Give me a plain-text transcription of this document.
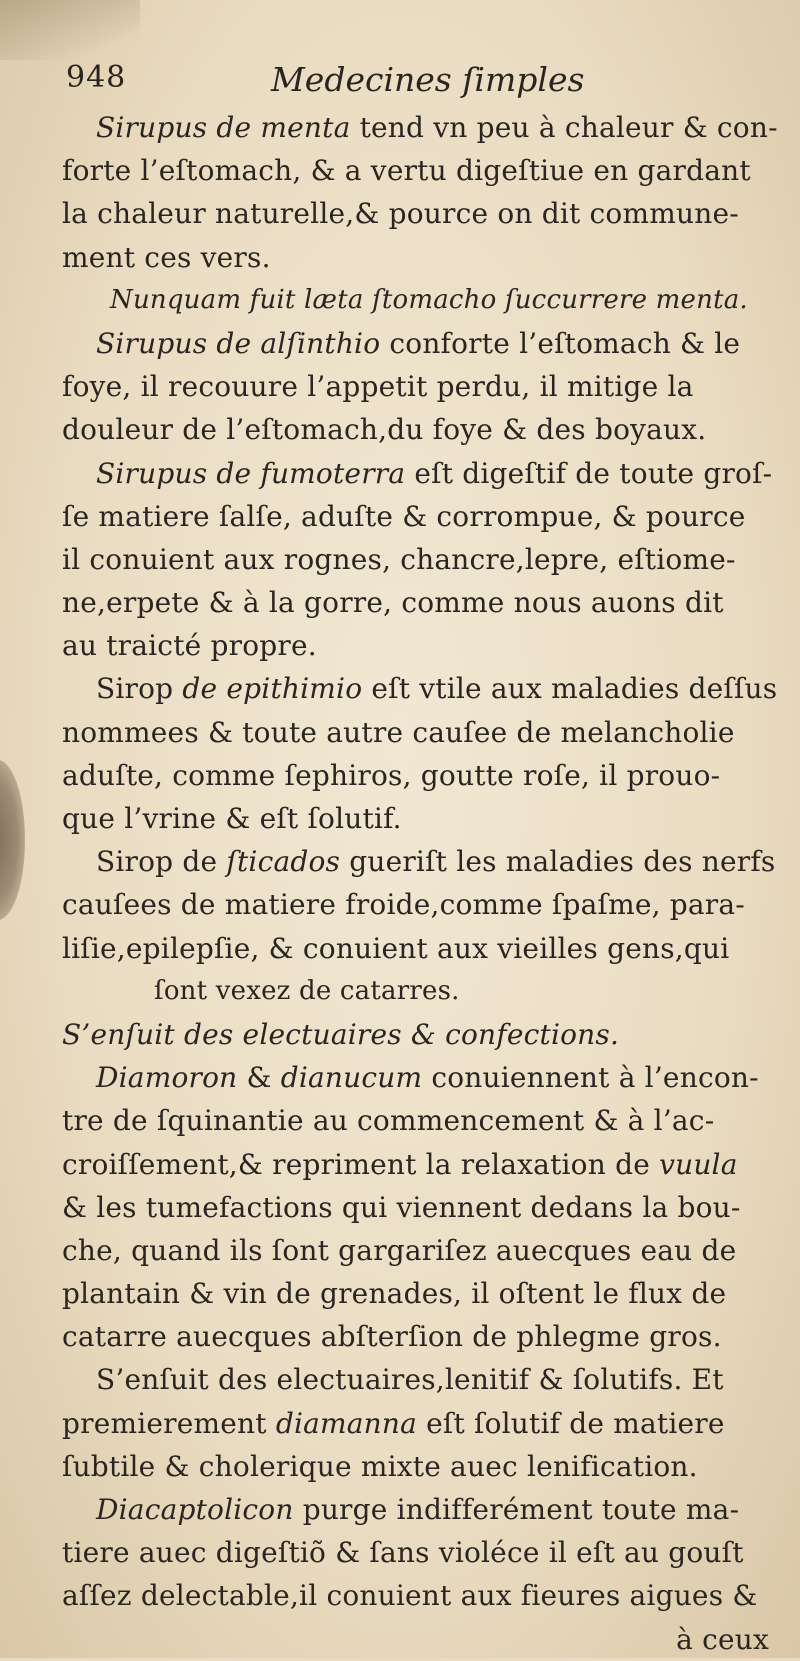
948	Medecines ſimples
Sirupus de menta tend vn peu à chaleur & con-
forte l’eſtomach, & a vertu digeſtiue en gardant
la chaleur naturelle,& pource on dit commune-
ment ces vers.
Nunquam fuit læta ſtomacho ſuccurrere menta.
Sirupus de alſinthio conforte l’eſtomach & le
foye, il recouure l’appetit perdu, il mitige la
douleur de l’eſtomach,du foye & des boyaux.
Sirupus de fumoterra eſt digeſtif de toute groſ-
ſe matiere ſalſe, aduſte & corrompue, & pource
il conuient aux rognes, chancre,lepre, eſtiome-
ne,erpete & à la gorre, comme nous auons dit
au traicté propre.
Sirop de epithimio eſt vtile aux maladies deſſus
nommees & toute autre cauſee de melancholie
aduſte, comme ſephiros, goutte roſe, il prouo-
que l’vrine & eſt ſolutif.
Sirop de ſticados gueriſt les maladies des nerfs
cauſees de matiere froide,comme ſpaſme, para-
liſie,epilepſie, & conuient aux vieilles gens,qui
ſont vexez de catarres.
S’enſuit des electuaires & confections.
Diamoron & dianucum conuiennent à l’encon-
tre de ſquinantie au commencement & à l’ac-
croiſſement,& repriment la relaxation de vuula
& les tumefactions qui viennent dedans la bou-
che, quand ils ſont gargariſez auecques eau de
plantain & vin de grenades, il oſtent le flux de
catarre auecques abſterſion de phlegme gros.
S’enſuit des electuaires,lenitif & ſolutifs. Et
premierement diamanna eſt ſolutif de matiere
ſubtile & cholerique mixte auec lenification.
Diacaptolicon purge indifferément toute ma-
tiere auec digeſtiõ & ſans violéce il eſt au gouſt
aſſez delectable,il conuient aux fieures aigues &
à ceux
